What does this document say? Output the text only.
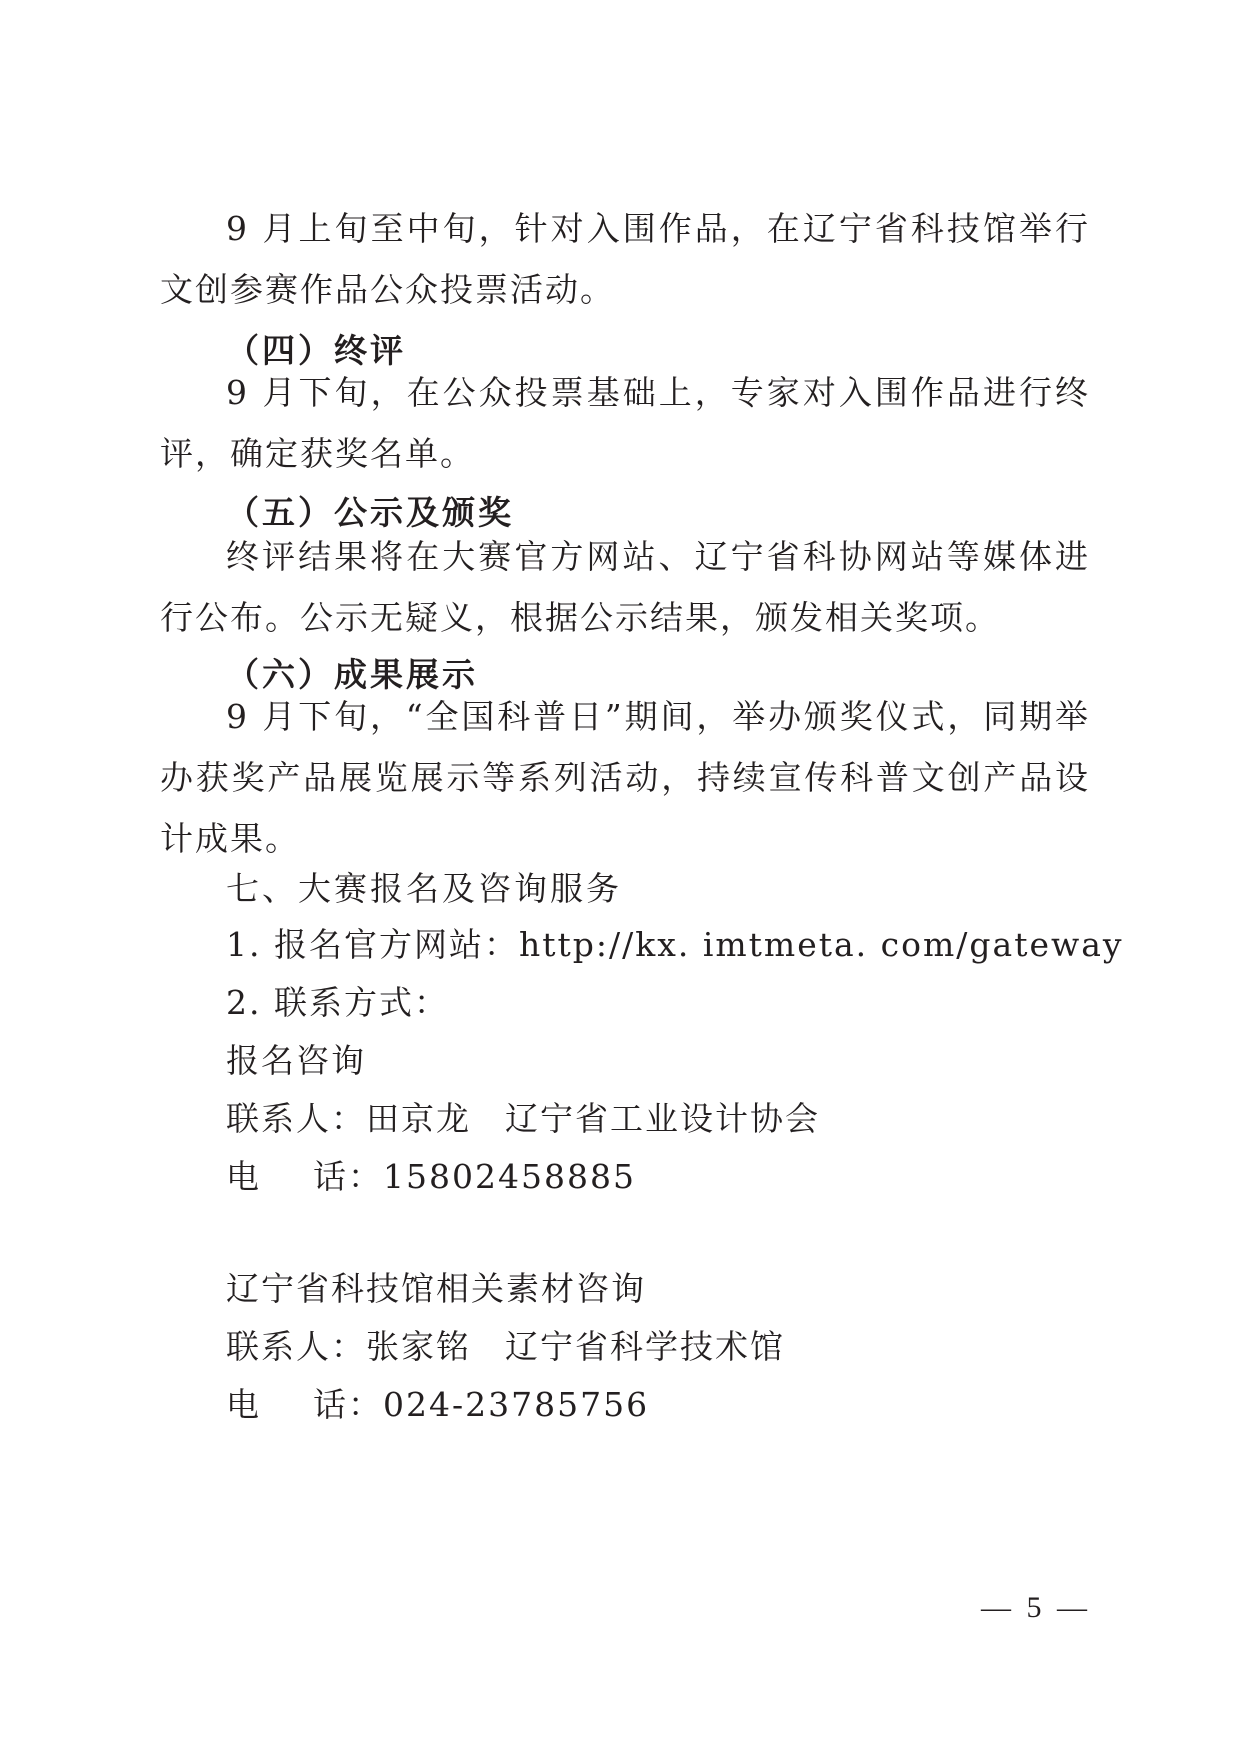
9 月上旬至中旬，针对入围作品，在辽宁省科技馆举行文创参赛作品公众投票活动。

（四）终评

9 月下旬，在公众投票基础上，专家对入围作品进行终评，确定获奖名单。

（五）公示及颁奖

终评结果将在大赛官方网站、辽宁省科协网站等媒体进行公布。公示无疑义，根据公示结果，颁发相关奖项。

（六）成果展示

9 月下旬，“全国科普日”期间，举办颁奖仪式，同期举办获奖产品展览展示等系列活动，持续宣传科普文创产品设计成果。

七、大赛报名及咨询服务

1. 报名官方网站：http://kx. imtmeta. com/gateway

2. 联系方式：

报名咨询

联系人：田京龙 辽宁省工业设计协会

电 话：15802458885

辽宁省科技馆相关素材咨询

联系人：张家铭 辽宁省科学技术馆

电 话：024-23785756

— 5 —
